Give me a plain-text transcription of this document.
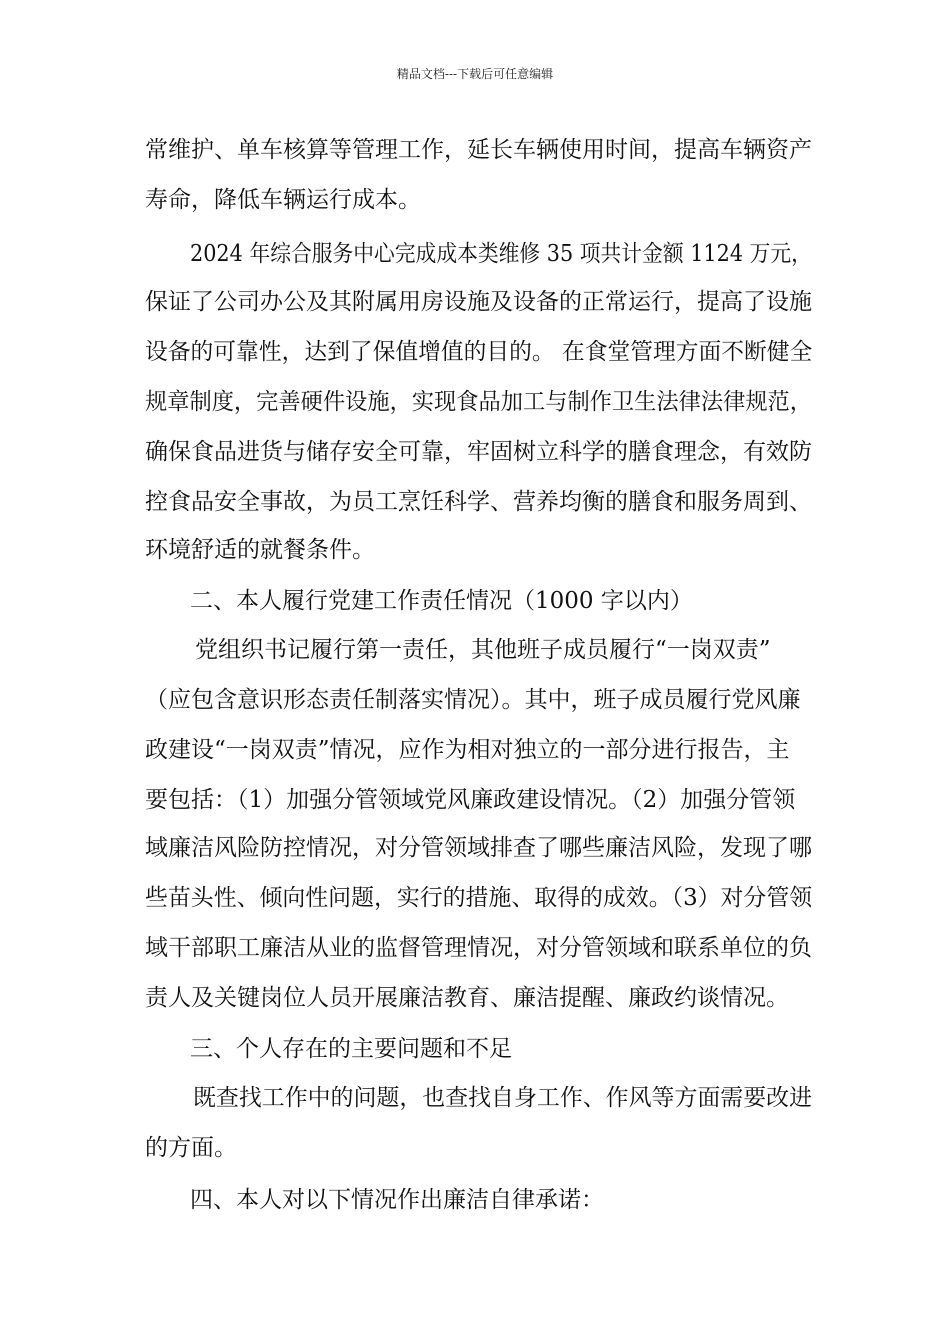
精品文档---下载后可任意编辑
常维护、单车核算等管理工作，延长车辆使用时间，提高车辆资产
寿命，降低车辆运行成本。
2024 年综合服务中心完成成本类维修 35 项共计金额 1124 万元，
保证了公司办公及其附属用房设施及设备的正常运行，提高了设施
设备的可靠性，达到了保值增值的目的。 在食堂管理方面不断健全
规章制度，完善硬件设施，实现食品加工与制作卫生法律法律规范，
确保食品进货与储存安全可靠，牢固树立科学的膳食理念，有效防
控食品安全事故，为员工烹饪科学、营养均衡的膳食和服务周到、
环境舒适的就餐条件。
二、本人履行党建工作责任情况（1000 字以内）
党组织书记履行第一责任，其他班子成员履行“一岗双责”
（应包含意识形态责任制落实情况）。其中，班子成员履行党风廉
政建设“一岗双责”情况，应作为相对独立的一部分进行报告，主
要包括：（1）加强分管领域党风廉政建设情况。（2）加强分管领
域廉洁风险防控情况，对分管领域排查了哪些廉洁风险，发现了哪
些苗头性、倾向性问题，实行的措施、取得的成效。（3）对分管领
域干部职工廉洁从业的监督管理情况，对分管领域和联系单位的负
责人及关键岗位人员开展廉洁教育、廉洁提醒、廉政约谈情况。
三、个人存在的主要问题和不足
既查找工作中的问题，也查找自身工作、作风等方面需要改进
的方面。
四、本人对以下情况作出廉洁自律承诺：
